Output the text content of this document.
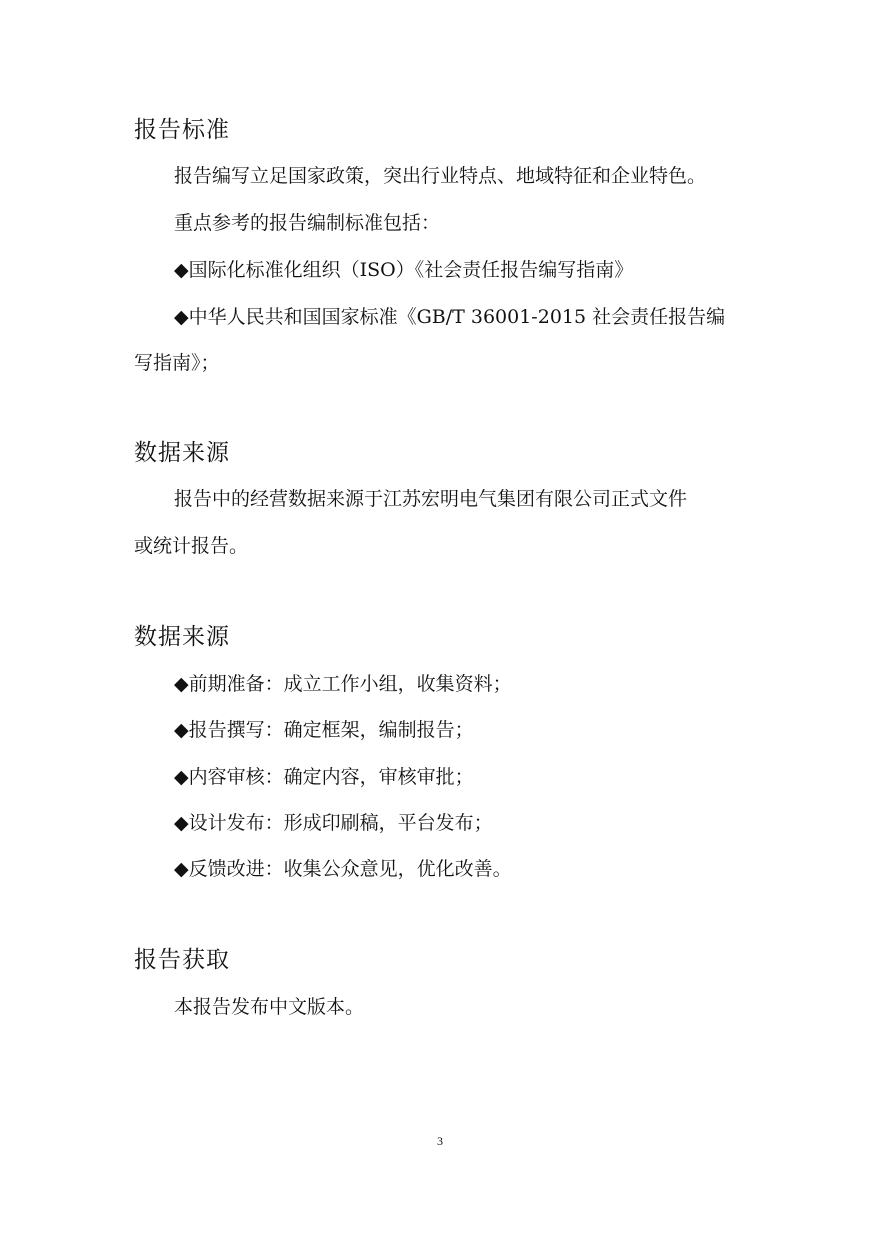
报告标准
报告编写立足国家政策，突出行业特点、地域特征和企业特色。
重点参考的报告编制标准包括：
◆国际化标准化组织（ISO）《社会责任报告编写指南》
◆中华人民共和国国家标准《GB/T 36001-2015 社会责任报告编
写指南》；
数据来源
报告中的经营数据来源于江苏宏明电气集团有限公司正式文件
或统计报告。
数据来源
◆前期准备：成立工作小组，收集资料；
◆报告撰写：确定框架，编制报告；
◆内容审核：确定内容，审核审批；
◆设计发布：形成印刷稿，平台发布；
◆反馈改进：收集公众意见，优化改善。
报告获取
本报告发布中文版本。
3
